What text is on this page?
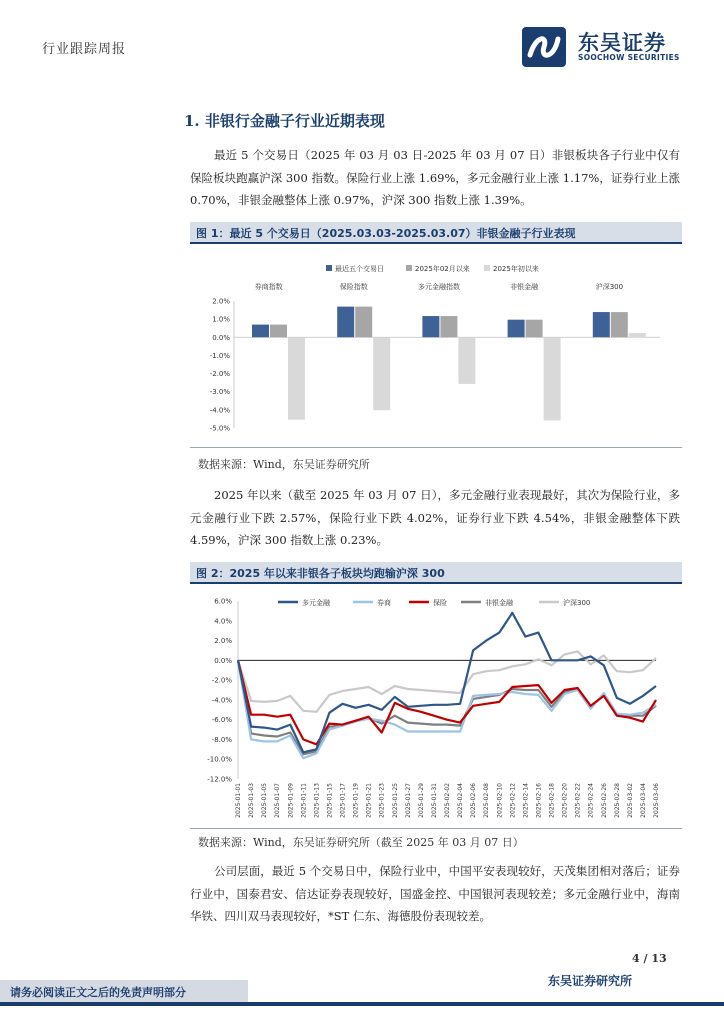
行业跟踪周报	东吴证券
SOOCHOW SECURITIES
1. 非银行金融子行业近期表现
最近 5 个交易日（2025 年 03 月 03 日-2025 年 03 月 07 日）非银板块各子行业中仅有保险板块跑赢沪深 300 指数。保险行业上涨 1.69%，多元金融行业上涨 1.17%，证券行业上涨 0.70%，非银金融整体上涨 0.97%，沪深 300 指数上涨 1.39%。
图 1：最近 5 个交易日（2025.03.03-2025.03.07）非银金融子行业表现
最近五个交易日	2025年02月以来	2025年初以来
2.0%
1.0%
0.0%
-1.0%
-2.0%
-3.0%
-4.0%
-5.0%
券商指数	保险指数	多元金融指数	非银金融	沪深300
数据来源：Wind，东吴证券研究所
2025 年以来（截至 2025 年 03 月 07 日），多元金融行业表现最好，其次为保险行业，多元金融行业下跌 2.57%，保险行业下跌 4.02%，证券行业下跌 4.54%，非银金融整体下跌 4.59%，沪深 300 指数上涨 0.23%。
图 2：2025 年以来非银各子板块均跑输沪深 300
多元金融	券商	保险	非银金融	沪深300
6.0%
4.0%
2.0%
0.0%
-2.0%
-4.0%
-6.0%
-8.0%
-10.0%
-12.0%
2025-01-01 2025-01-03 2025-01-05 2025-01-07 2025-01-09 2025-01-11 2025-01-13 2025-01-15 2025-01-17 2025-01-19 2025-01-21 2025-01-23 2025-01-25 2025-01-27 2025-01-29 2025-01-31 2025-02-02 2025-02-04 2025-02-06 2025-02-08 2025-02-10 2025-02-12 2025-02-14 2025-02-16 2025-02-18 2025-02-20 2025-02-22 2025-02-24 2025-02-26 2025-02-28 2025-03-02 2025-03-04 2025-03-06
数据来源：Wind，东吴证券研究所（截至 2025 年 03 月 07 日）
公司层面，最近 5 个交易日中，保险行业中，中国平安表现较好，天茂集团相对落后；证券行业中，国泰君安、信达证券表现较好，国盛金控、中国银河表现较差；多元金融行业中，海南华铁、四川双马表现较好，*ST 仁东、海德股份表现较差。
4 / 13
东吴证券研究所
请务必阅读正文之后的免责声明部分
